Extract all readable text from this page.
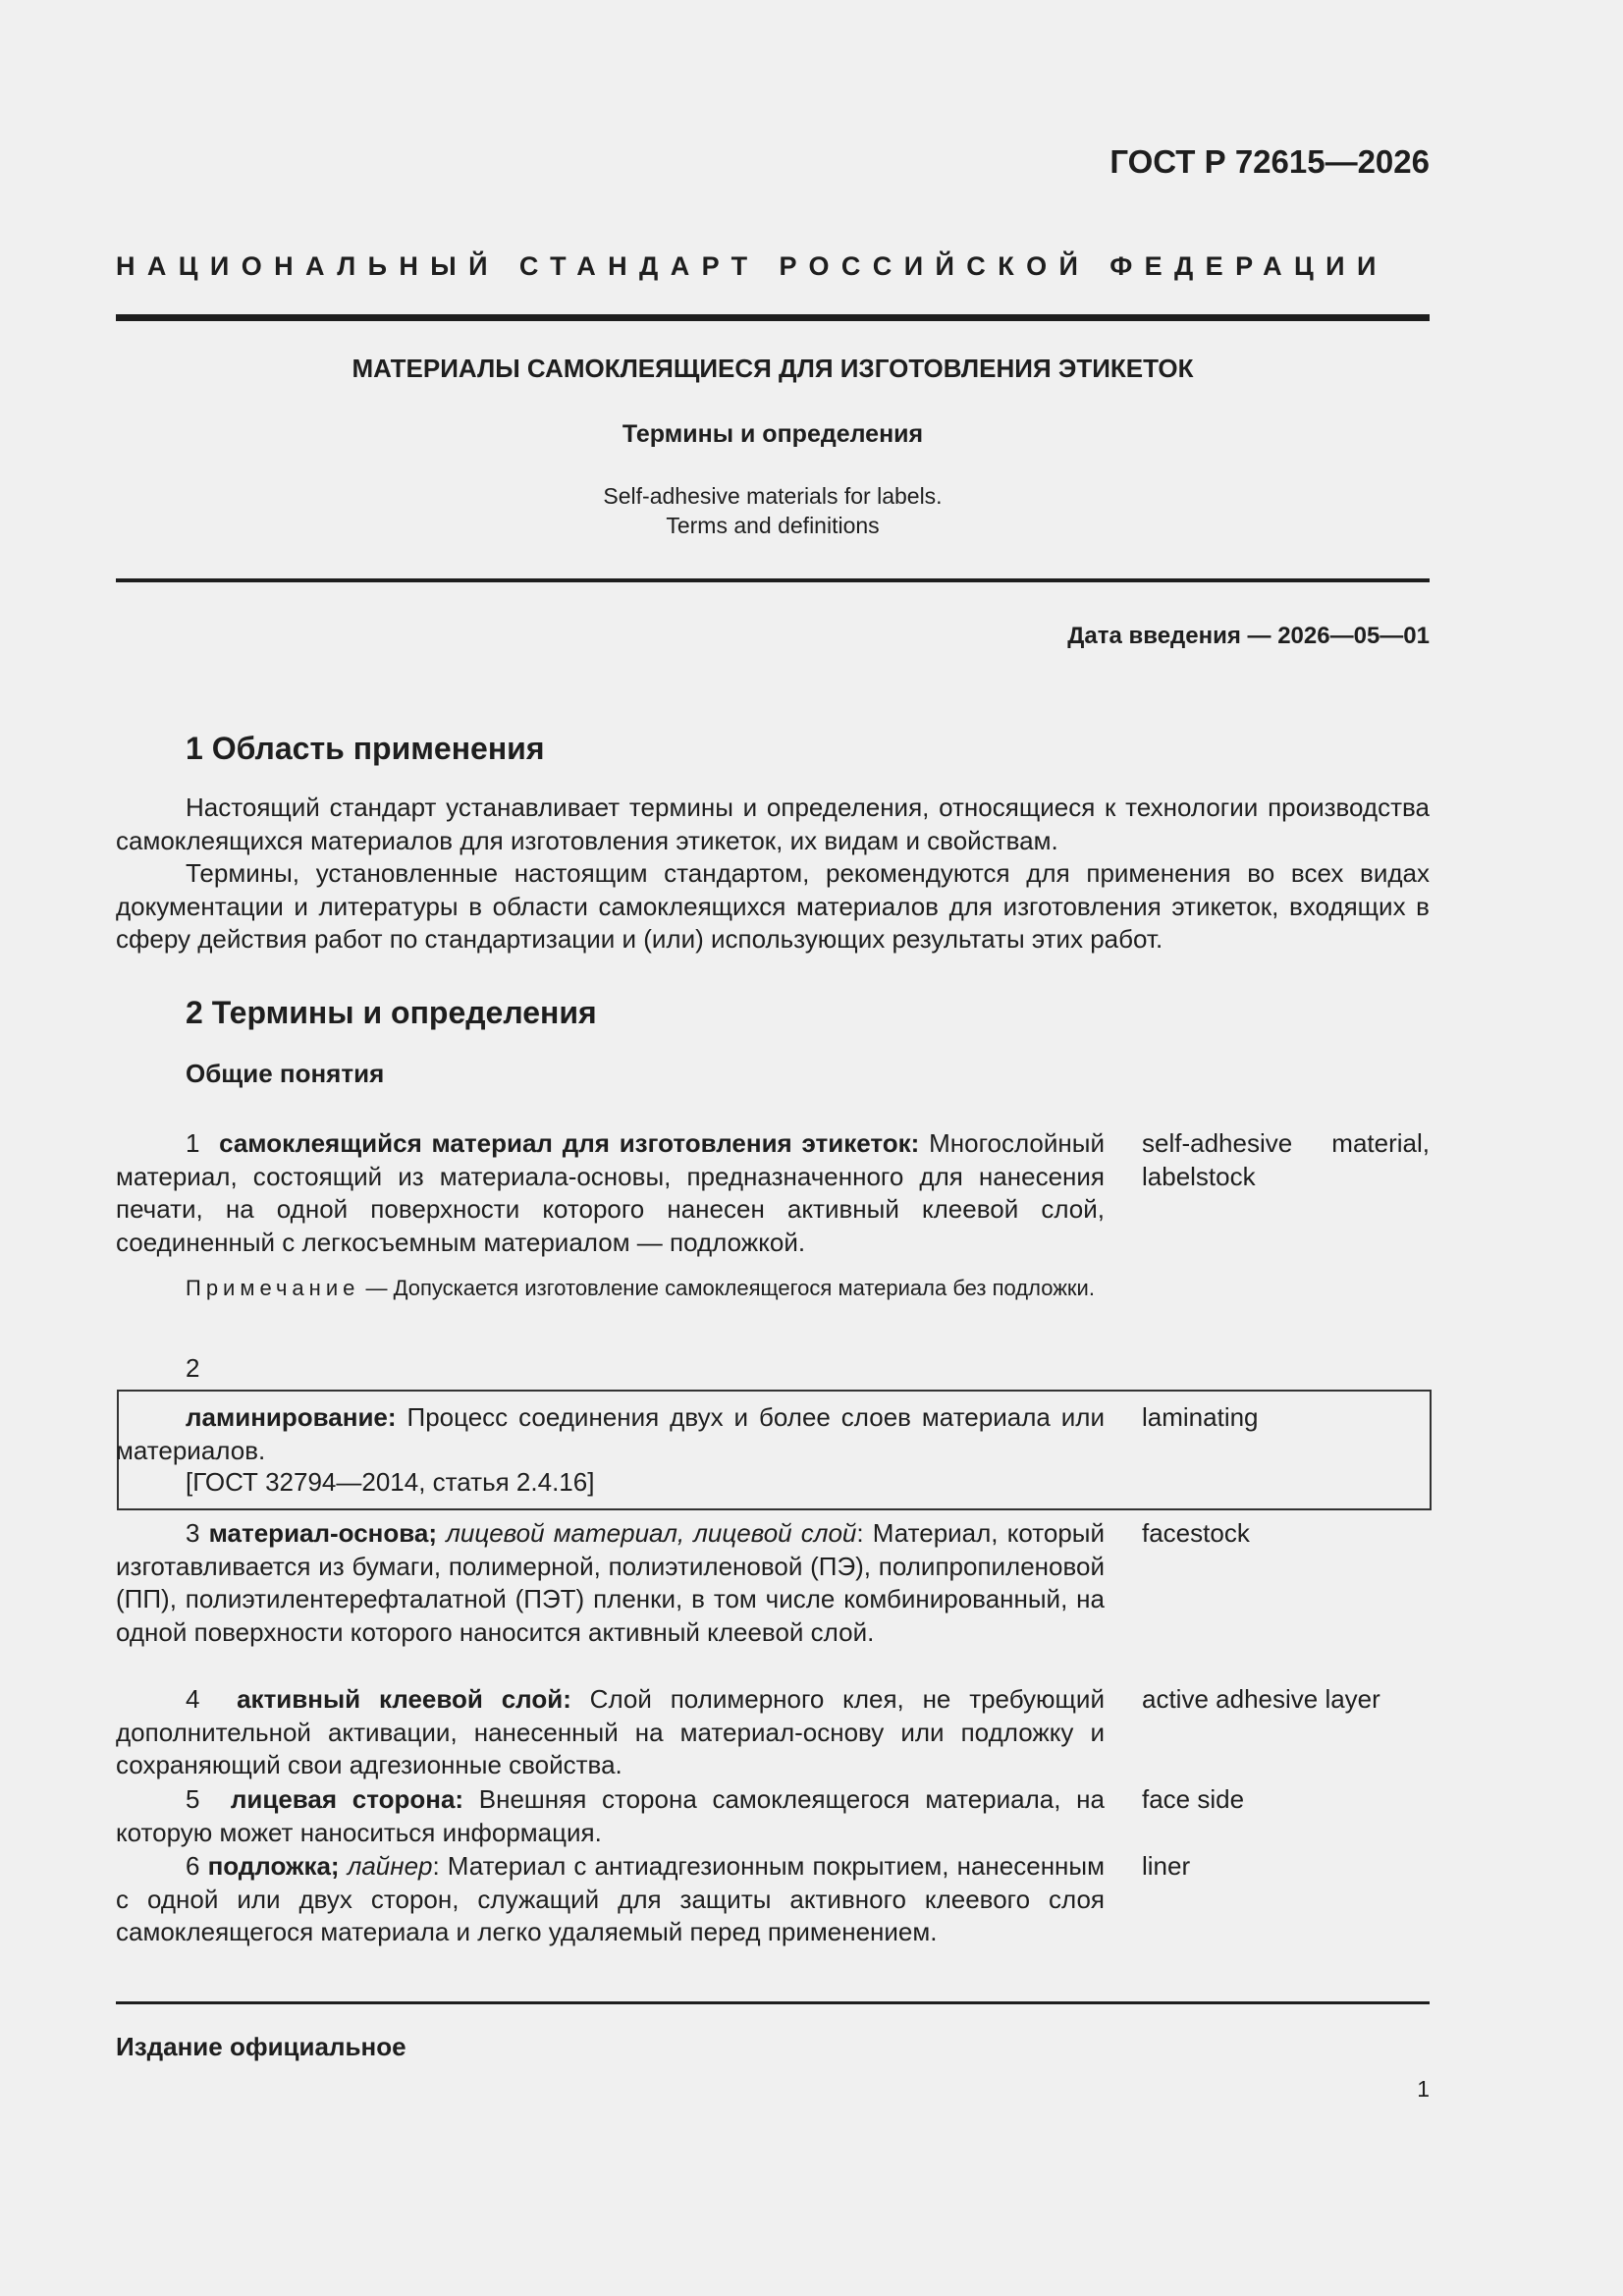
ГОСТ Р 72615—2026
НАЦИОНАЛЬНЫЙ СТАНДАРТ РОССИЙСКОЙ ФЕДЕРАЦИИ
МАТЕРИАЛЫ САМОКЛЕЯЩИЕСЯ ДЛЯ ИЗГОТОВЛЕНИЯ ЭТИКЕТОК
Термины и определения
Self-adhesive materials for labels.
Terms and definitions
Дата введения — 2026—05—01
1 Область применения
Настоящий стандарт устанавливает термины и определения, относящиеся к технологии производства самоклеящихся материалов для изготовления этикеток, их видам и свойствам.
Термины, установленные настоящим стандартом, рекомендуются для применения во всех видах документации и литературы в области самоклеящихся материалов для изготовления этикеток, входящих в сферу действия работ по стандартизации и (или) использующих результаты этих работ.
2 Термины и определения
Общие понятия
1 самоклеящийся материал для изготовления этикеток: Многослойный материал, состоящий из материала-основы, предназначенного для нанесения печати, на одной поверхности которого нанесен активный клеевой слой, соединенный с легкосъемным материалом — подложкой.
self-adhesive material, labelstock
Примечание — Допускается изготовление самоклеящегося материала без подложки.
2
ламинирование: Процесс соединения двух и более слоев материала или материалов.
[ГОСТ 32794—2014, статья 2.4.16]
laminating
3 материал-основа; лицевой материал, лицевой слой: Материал, который изготавливается из бумаги, полимерной, полиэтиленовой (ПЭ), полипропиленовой (ПП), полиэтилентерефталатной (ПЭТ) пленки, в том числе комбинированный, на одной поверхности которого наносится активный клеевой слой.
facestock
4 активный клеевой слой: Слой полимерного клея, не требующий дополнительной активации, нанесенный на материал-основу или подложку и сохраняющий свои адгезионные свойства.
active adhesive layer
5 лицевая сторона: Внешняя сторона самоклеящегося материала, на которую может наноситься информация.
face side
6 подложка; лайнер: Материал с антиадгезионным покрытием, нанесенным с одной или двух сторон, служащий для защиты активного клеевого слоя самоклеящегося материала и легко удаляемый перед применением.
liner
Издание официальное
1
